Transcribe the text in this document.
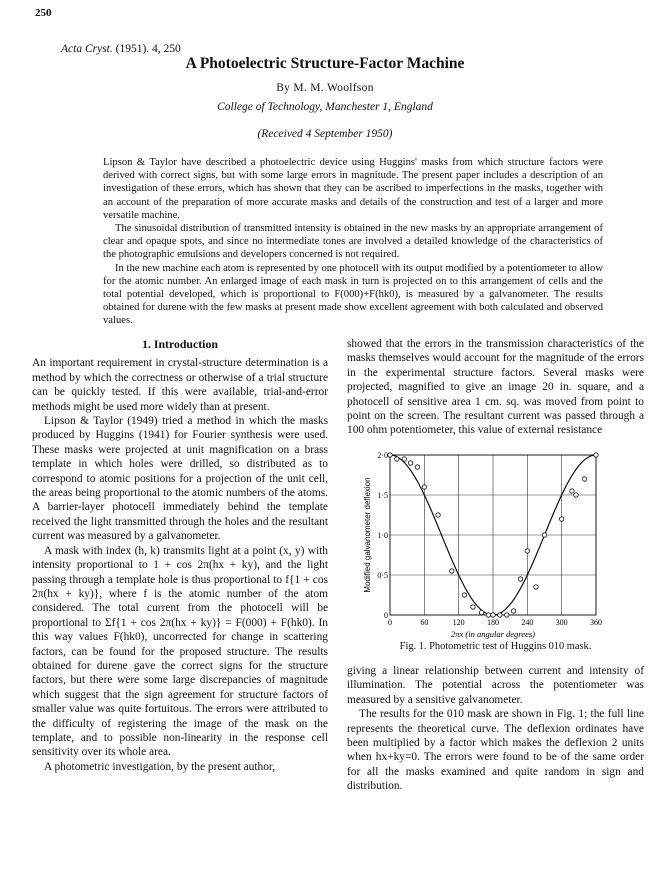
250
Acta Cryst. (1951). 4, 250
A Photoelectric Structure-Factor Machine
By M. M. Woolfson
College of Technology, Manchester 1, England
(Received 4 September 1950)

Lipson & Taylor have described a photoelectric device using Huggins' masks from which structure factors were derived with correct signs, but with some large errors in magnitude. The present paper includes a description of an investigation of these errors, which has shown that they can be ascribed to imperfections in the masks, together with an account of the preparation of more accurate masks and details of the construction and test of a larger and more versatile machine.

The sinusoidal distribution of transmitted intensity is obtained in the new masks by an appropriate arrangement of clear and opaque spots, and since no intermediate tones are involved a detailed knowledge of the characteristics of the photographic emulsions and developers concerned is not required.

In the new machine each atom is represented by one photocell with its output modified by a potentiometer to allow for the atomic number. An enlarged image of each mask in turn is projected on to this arrangement of cells and the total potential developed, which is proportional to F(000)+F(hk0), is measured by a galvanometer. The results obtained for durene with the few masks at present made show excellent agreement with both calculated and observed values.

1. Introduction

An important requirement in crystal-structure determination is a method by which the correctness or otherwise of a trial structure can be quickly tested. If this were available, trial-and-error methods might be used more widely than at present.

Lipson & Taylor (1949) tried a method in which the masks produced by Huggins (1941) for Fourier synthesis were used. These masks were projected at unit magnification on a brass template in which holes were drilled, so distributed as to correspond to atomic positions for a projection of the unit cell, the areas being proportional to the atomic numbers of the atoms. A barrier-layer photocell immediately behind the template received the light transmitted through the holes and the resultant current was measured by a galvanometer.

A mask with index (h, k) transmits light at a point (x, y) with intensity proportional to 1 + cos 2π(hx + ky), and the light passing through a template hole is thus proportional to f{1 + cos 2π(hx + ky)}, where f is the atomic number of the atom considered. The total current from the photocell will be proportional to Σf{1 + cos 2π(hx + ky)} = F(000) + F(hk0). In this way values F(hk0), uncorrected for change in scattering factors, can be found for the proposed structure. The results obtained for durene gave the correct signs for the structure factors, but there were some large discrepancies of magnitude which suggest that the sign agreement for structure factors of smaller value was quite fortuitous. The errors were attributed to the difficulty of registering the image of the mask on the template, and to possible non-linearity in the response cell sensitivity over its whole area.

A photometric investigation, by the present author,

showed that the errors in the transmission characteristics of the masks themselves would account for the magnitude of the errors in the experimental structure factors. Several masks were projected, magnified to give an image 20 in. square, and a photocell of sensitive area 1 cm. sq. was moved from point to point on the screen. The resultant current was passed through a 100 ohm potentiometer, this value of external resistance

0	60	120	180	240	300	360
0
0·5
1·0
1·5
2·0
2πx (in angular degrees)
Modified galvanometer deflexion
Fig. 1. Photometric test of Huggins 010 mask.

giving a linear relationship between current and intensity of illumination. The potential across the potentiometer was measured by a sensitive galvanometer.

The results for the 010 mask are shown in Fig. 1; the full line represents the theoretical curve. The deflexion ordinates have been multiplied by a factor which makes the deflexion 2 units when hx+ky=0. The errors were found to be of the same order for all the masks examined and quite random in sign and distribution.
